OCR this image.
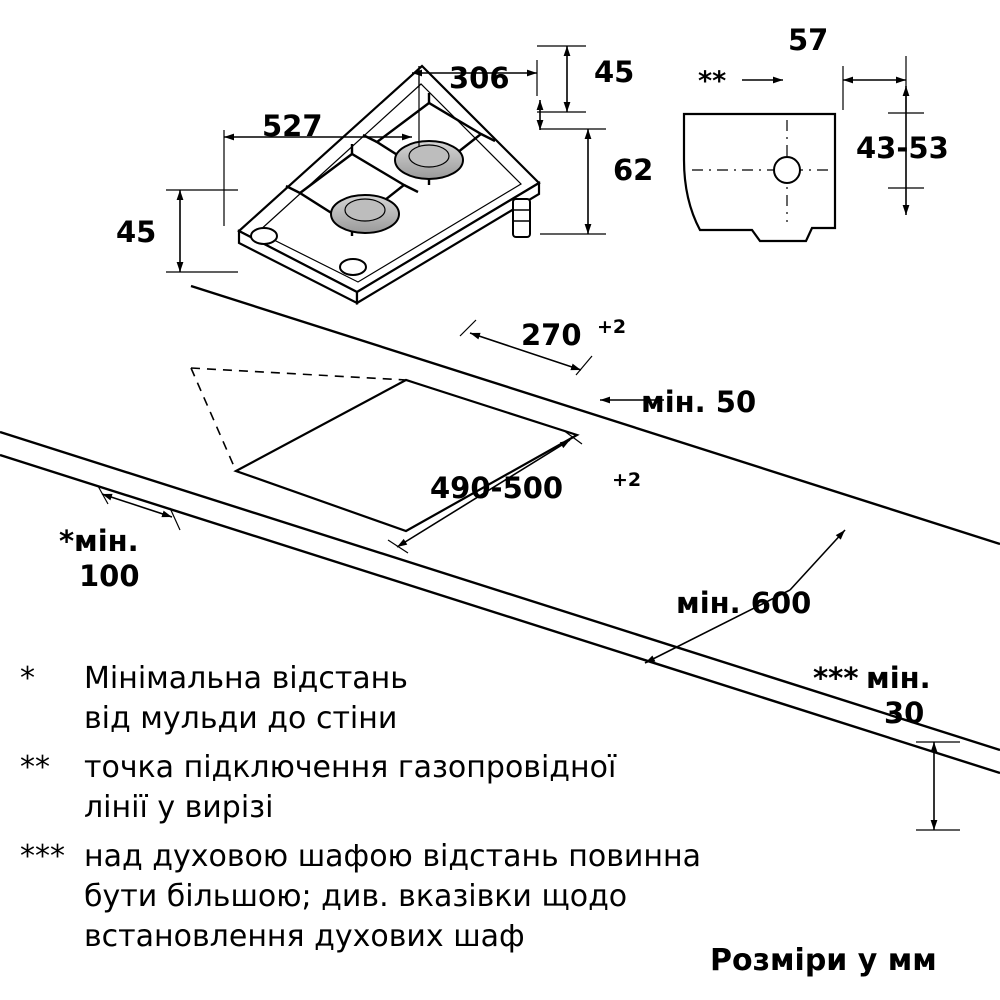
306
527
45
62
45
**
57
43-53
270 +2
мін. 50
490-500	+2
* мін.
100
мін. 600
*** мін.
30
* Мінімальна відстань
від мульди до стіни
** точка підключення газопровідної
лінії у вирізі
*** над духовою шафою відстань повинна
бути більшою; див. вказівки щодо
встановлення духових шаф
Розміри у мм
